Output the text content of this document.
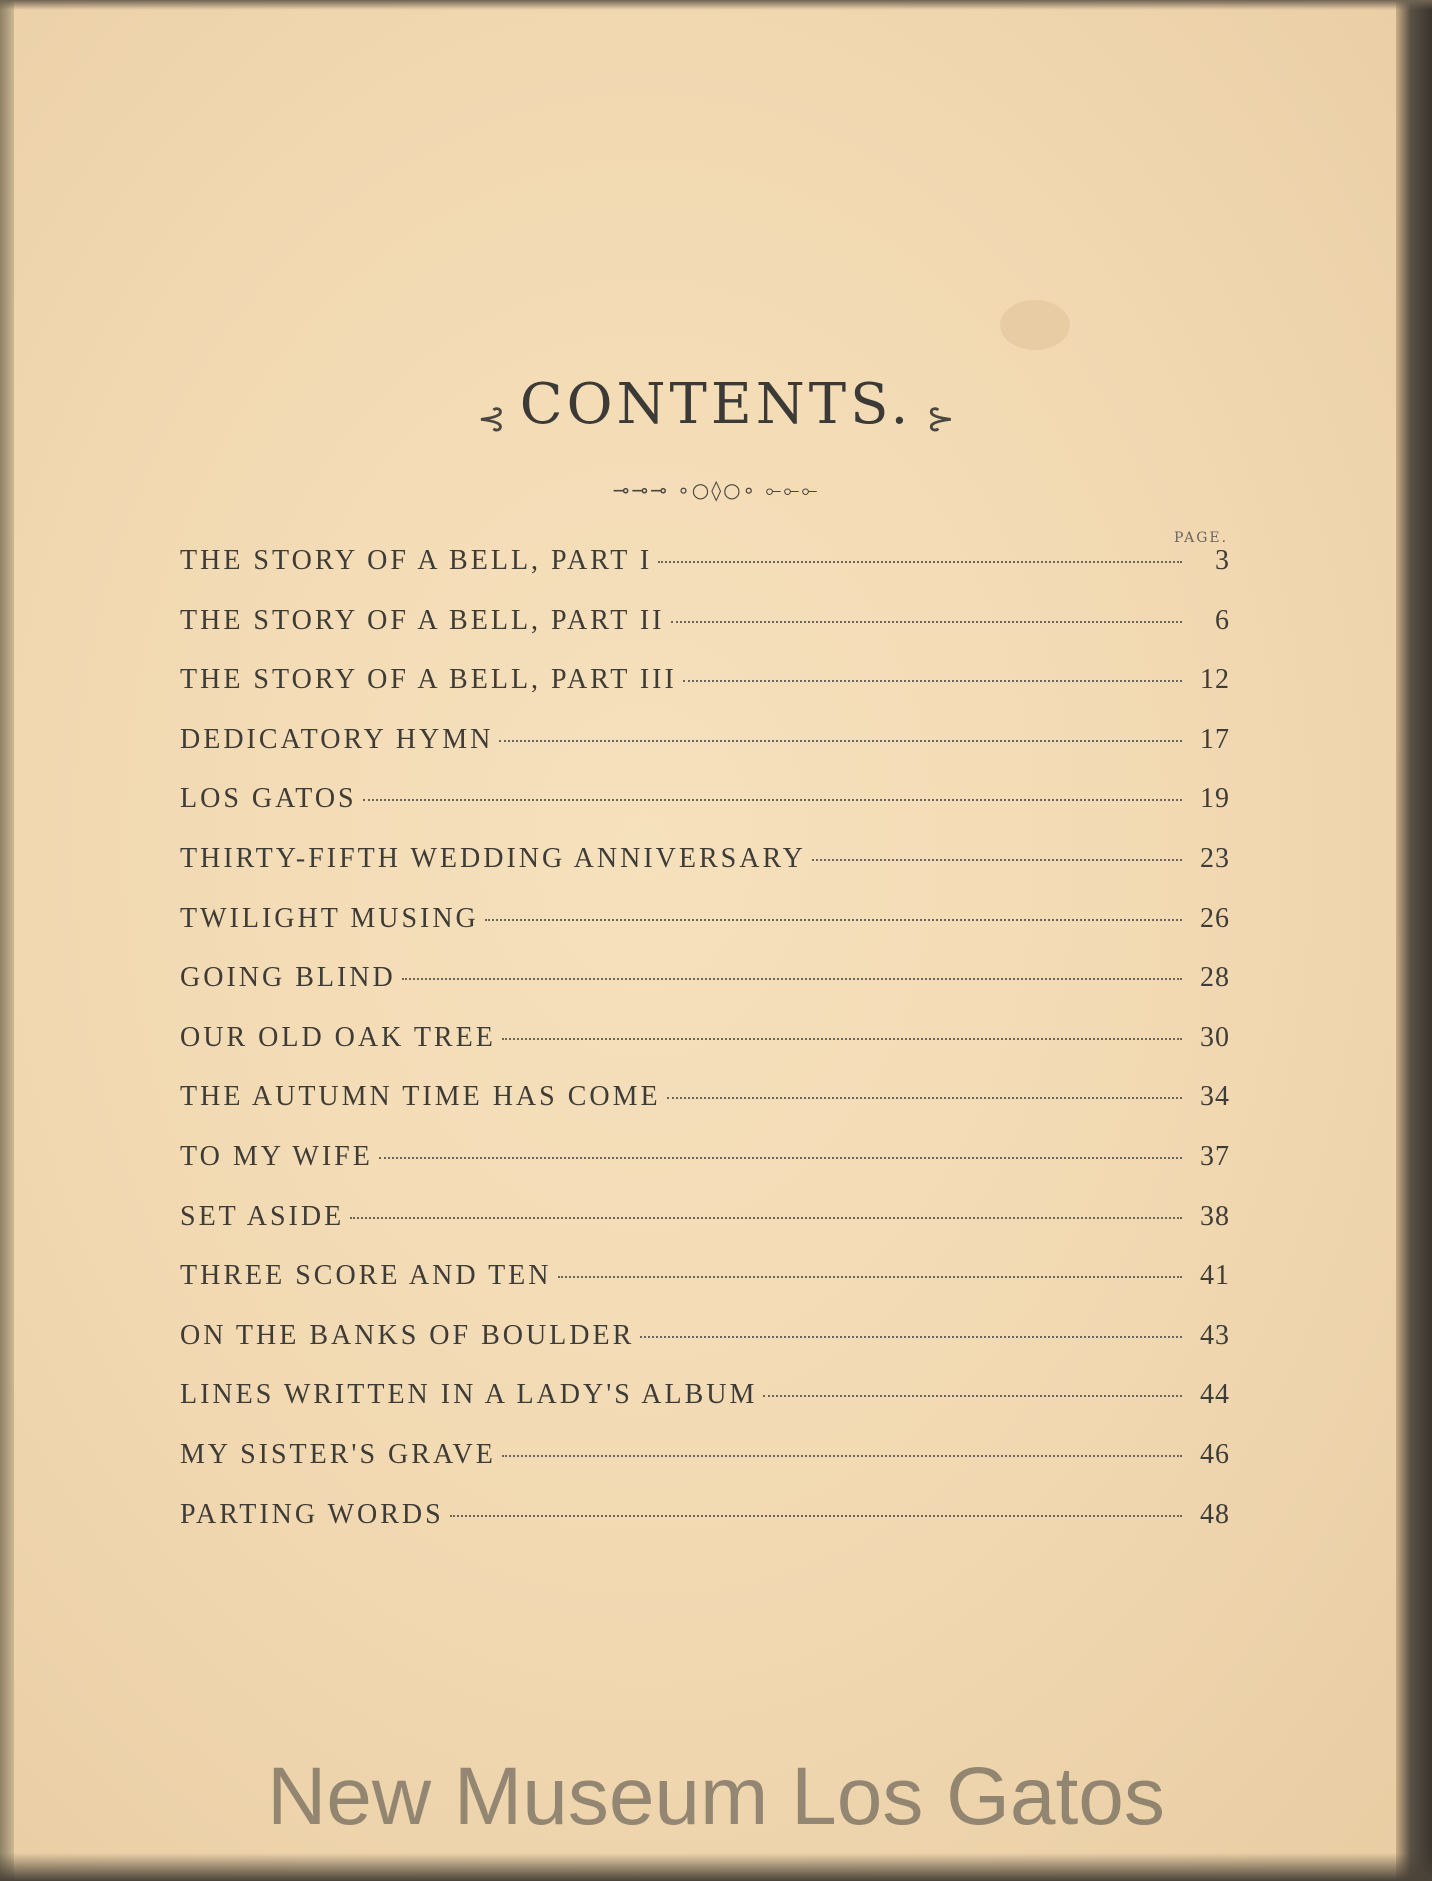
⊰ CONTENTS. ⊱
⊸⊸⊸ ∘○◊○∘ ⟜⟜⟜
PAGE.
THE STORY OF A BELL, PART I	3
THE STORY OF A BELL, PART II	6
THE STORY OF A BELL, PART III	12
DEDICATORY HYMN	17
LOS GATOS	19
THIRTY-FIFTH WEDDING ANNIVERSARY	23
TWILIGHT MUSING	26
GOING BLIND	28
OUR OLD OAK TREE	30
THE AUTUMN TIME HAS COME	34
TO MY WIFE	37
SET ASIDE	38
THREE SCORE AND TEN	41
ON THE BANKS OF BOULDER	43
LINES WRITTEN IN A LADY'S ALBUM	44
MY SISTER'S GRAVE	46
PARTING WORDS	48
New Museum Los Gatos
